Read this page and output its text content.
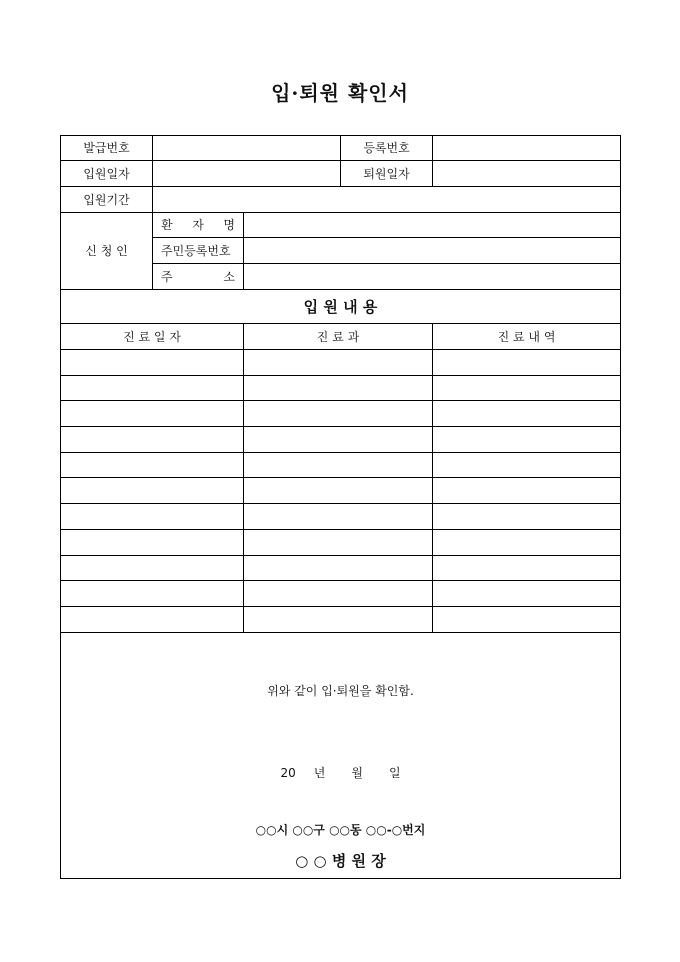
입·퇴원 확인서
발급번호			등록번호	
입원일자			퇴원일자	
입원기간				
신 청 인	환 자 명			
	주민등록번호			
	주 소			
입 원 내 용				
진 료 일 자		진 료 과		진 료 내 역

위와 같이 입·퇴원을 확인함.

20 년 월 일

○○시 ○○구 ○○동 ○○-○번지

○ ○ 병 원 장				
